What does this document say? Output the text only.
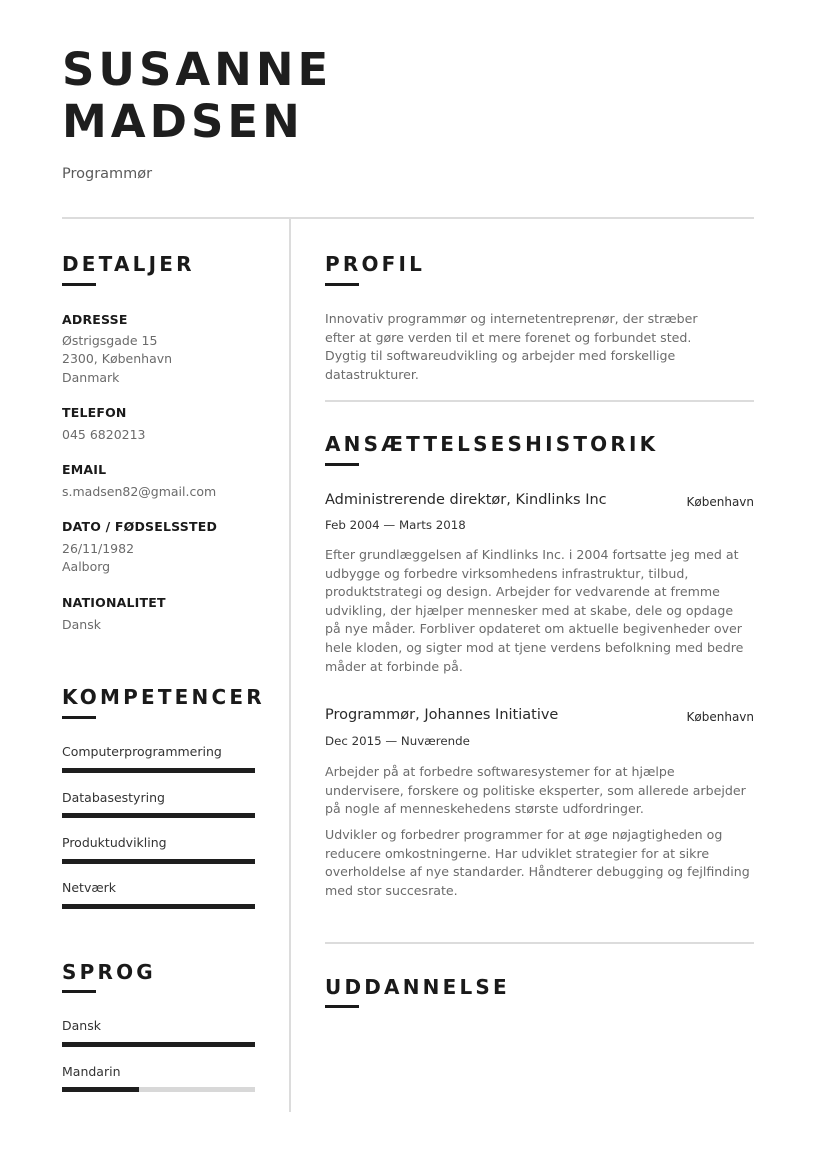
SUSANNE
MADSEN
Programmør
DETALJER
ADRESSE
Østrigsgade 15
2300, København
Danmark
TELEFON
045 6820213
EMAIL
s.madsen82@gmail.com
DATO / FØDSELSSTED
26/11/1982
Aalborg
NATIONALITET
Dansk
KOMPETENCER
Computerprogrammering
Databasestyring
Produktudvikling
Netværk
SPROG
Dansk
Mandarin
PROFIL
Innovativ programmør og internetentreprenør, der stræber efter at gøre verden til et mere forenet og forbundet sted. Dygtig til softwareudvikling og arbejder med forskellige datastrukturer.
ANSÆTTELSESHISTORIK
Administrerende direktør, Kindlinks Inc	København
Feb 2004 — Marts 2018
Efter grundlæggelsen af Kindlinks Inc. i 2004 fortsatte jeg med at udbygge og forbedre virksomhedens infrastruktur, tilbud, produktstrategi og design. Arbejder for vedvarende at fremme udvikling, der hjælper mennesker med at skabe, dele og opdage på nye måder. Forbliver opdateret om aktuelle begivenheder over hele kloden, og sigter mod at tjene verdens befolkning med bedre måder at forbinde på.
Programmør, Johannes Initiative	København
Dec 2015 — Nuværende
Arbejder på at forbedre softwaresystemer for at hjælpe undervisere, forskere og politiske eksperter, som allerede arbejder på nogle af menneskehedens største udfordringer.
Udvikler og forbedrer programmer for at øge nøjagtigheden og reducere omkostningerne. Har udviklet strategier for at sikre overholdelse af nye standarder. Håndterer debugging og fejlfinding med stor succesrate.
UDDANNELSE
